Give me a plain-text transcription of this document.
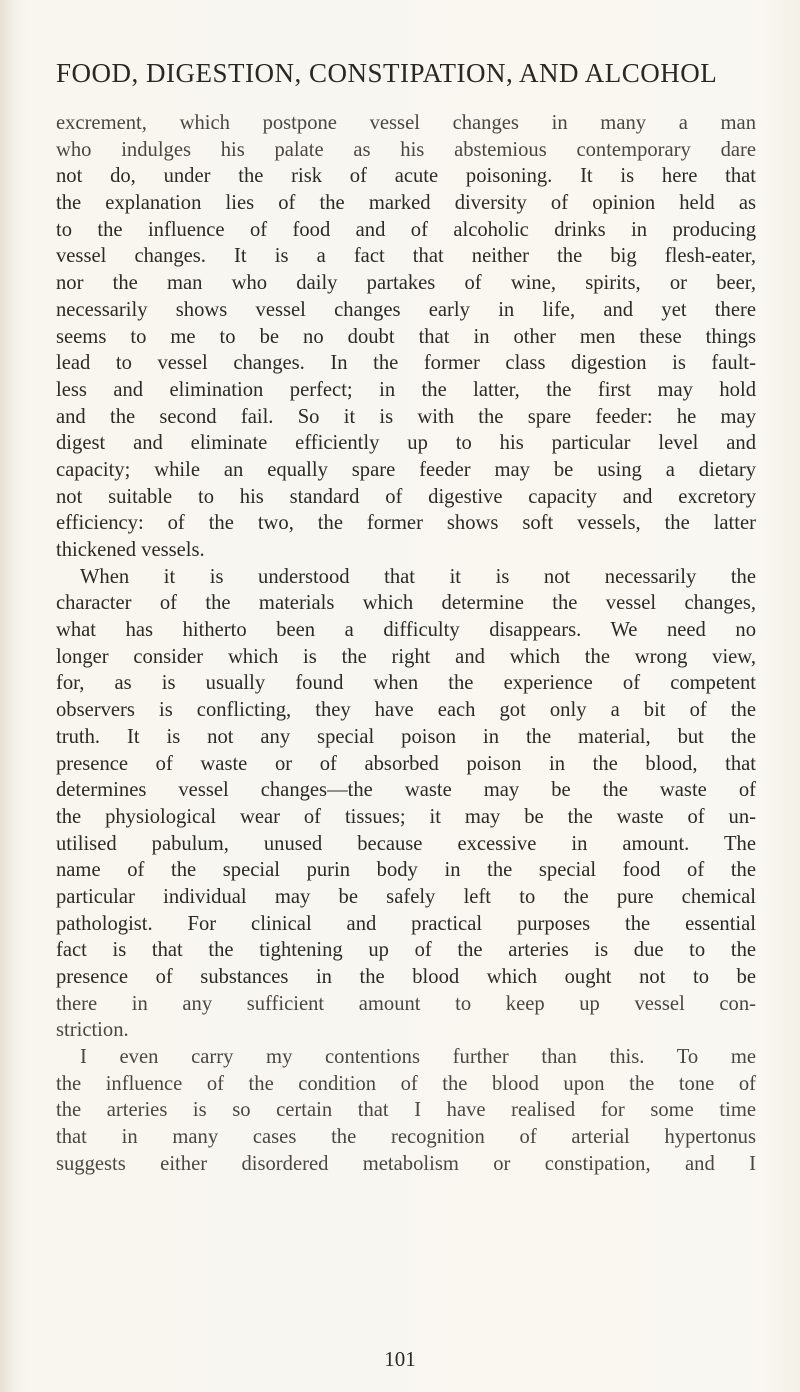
FOOD, DIGESTION, CONSTIPATION, AND ALCOHOL
excrement, which postpone vessel changes in many a man
who indulges his palate as his abstemious contemporary dare
not do, under the risk of acute poisoning. It is here that
the explanation lies of the marked diversity of opinion held as
to the influence of food and of alcoholic drinks in producing
vessel changes. It is a fact that neither the big flesh-eater,
nor the man who daily partakes of wine, spirits, or beer,
necessarily shows vessel changes early in life, and yet there
seems to me to be no doubt that in other men these things
lead to vessel changes. In the former class digestion is fault-
less and elimination perfect; in the latter, the first may hold
and the second fail. So it is with the spare feeder: he may
digest and eliminate efficiently up to his particular level and
capacity; while an equally spare feeder may be using a dietary
not suitable to his standard of digestive capacity and excretory
efficiency: of the two, the former shows soft vessels, the latter
thickened vessels.
When it is understood that it is not necessarily the
character of the materials which determine the vessel changes,
what has hitherto been a difficulty disappears. We need no
longer consider which is the right and which the wrong view,
for, as is usually found when the experience of competent
observers is conflicting, they have each got only a bit of the
truth. It is not any special poison in the material, but the
presence of waste or of absorbed poison in the blood, that
determines vessel changes—the waste may be the waste of
the physiological wear of tissues; it may be the waste of un-
utilised pabulum, unused because excessive in amount. The
name of the special purin body in the special food of the
particular individual may be safely left to the pure chemical
pathologist. For clinical and practical purposes the essential
fact is that the tightening up of the arteries is due to the
presence of substances in the blood which ought not to be
there in any sufficient amount to keep up vessel con-
striction.
I even carry my contentions further than this. To me
the influence of the condition of the blood upon the tone of
the arteries is so certain that I have realised for some time
that in many cases the recognition of arterial hypertonus
suggests either disordered metabolism or constipation, and I
101
